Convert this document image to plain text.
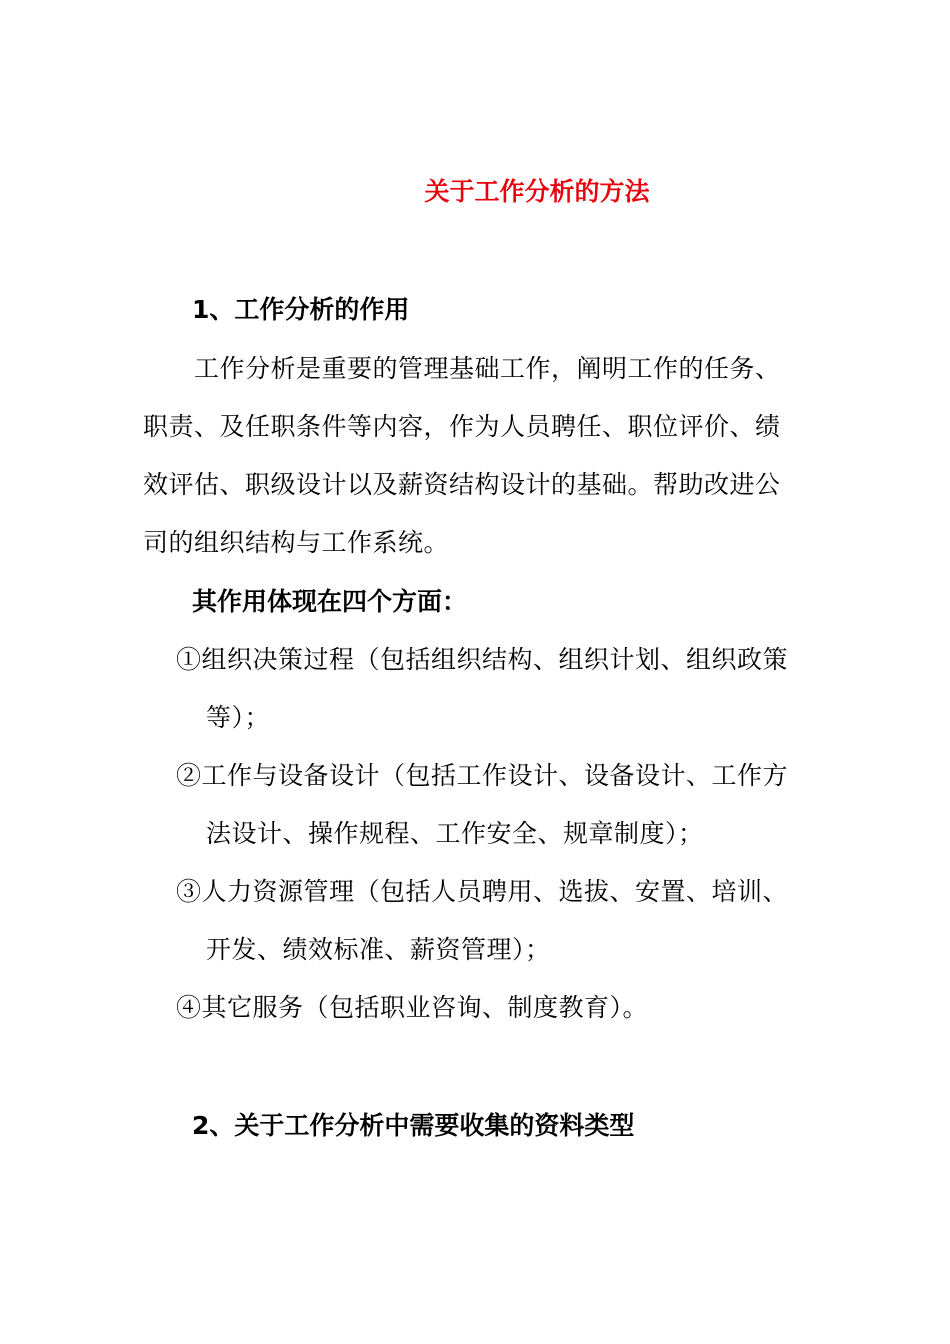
关于工作分析的方法
1、工作分析的作用
工作分析是重要的管理基础工作，阐明工作的任务、
职责、及任职条件等内容，作为人员聘任、职位评价、绩
效评估、职级设计以及薪资结构设计的基础。帮助改进公
司的组织结构与工作系统。
其作用体现在四个方面：
①组织决策过程（包括组织结构、组织计划、组织政策
等）；
②工作与设备设计（包括工作设计、设备设计、工作方
法设计、操作规程、工作安全、规章制度）；
③人力资源管理（包括人员聘用、选拔、安置、培训、
开发、绩效标准、薪资管理）；
④其它服务（包括职业咨询、制度教育）。
2、关于工作分析中需要收集的资料类型
